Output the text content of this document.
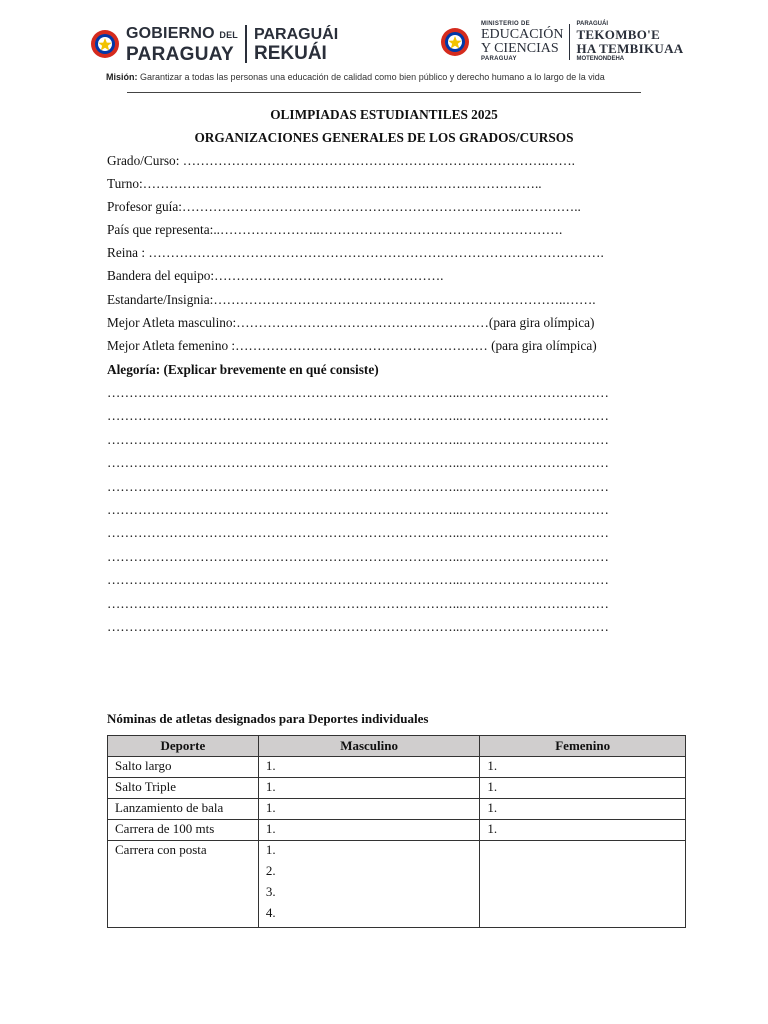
GOBIERNO DEL
PARAGUAY
PARAGUÁI
REKUÁI
MINISTERIO DE
EDUCACIÓN
Y CIENCIAS
PARAGUAY
PARAGUÁI
TEKOMBO'E
HA TEMBIKUAA
MOTENONDEHA
Misión: Garantizar a todas las personas una educación de calidad como bien público y derecho humano a lo largo de la vida
OLIMPIADAS ESTUDIANTILES 2025
ORGANIZACIONES GENERALES DE LOS GRADOS/CURSOS
Grado/Curso: ……………………………………………………………………….…….
Turno:……………………………………………………….……….……………..
Profesor guía:…………………………………………………………………..…………..
País que representa:..…………………..……………………………………………….
Reina : ………………………………………………………………………………………….
Bandera del equipo:…………………………………………….
Estandarte/Insignia:……………………………………………………………………..…….
Mejor Atleta masculino:…………………………………………………(para gira olímpica)
Mejor Atleta femenino :………………………………………………… (para gira olímpica)
Alegoría: (Explicar brevemente en qué consiste)
……………………………………………………………………...……………………………
……………………………………………………………………...……………………………
……………………………………………………………………...……………………………
……………………………………………………………………...……………………………
……………………………………………………………………...……………………………
……………………………………………………………………...……………………………
……………………………………………………………………...……………………………
……………………………………………………………………...……………………………
……………………………………………………………………...……………………………
……………………………………………………………………...……………………………
……………………………………………………………………...……………………………
Nóminas de atletas designados para Deportes individuales
Deporte	Masculino	Femenino
Salto largo	1.	1.

Salto Triple	1.	1.

Lanzamiento de bala	1.	1.

Carrera de 100 mts	1.	1.

Carrera con posta	1.
2.
3.
4.	
